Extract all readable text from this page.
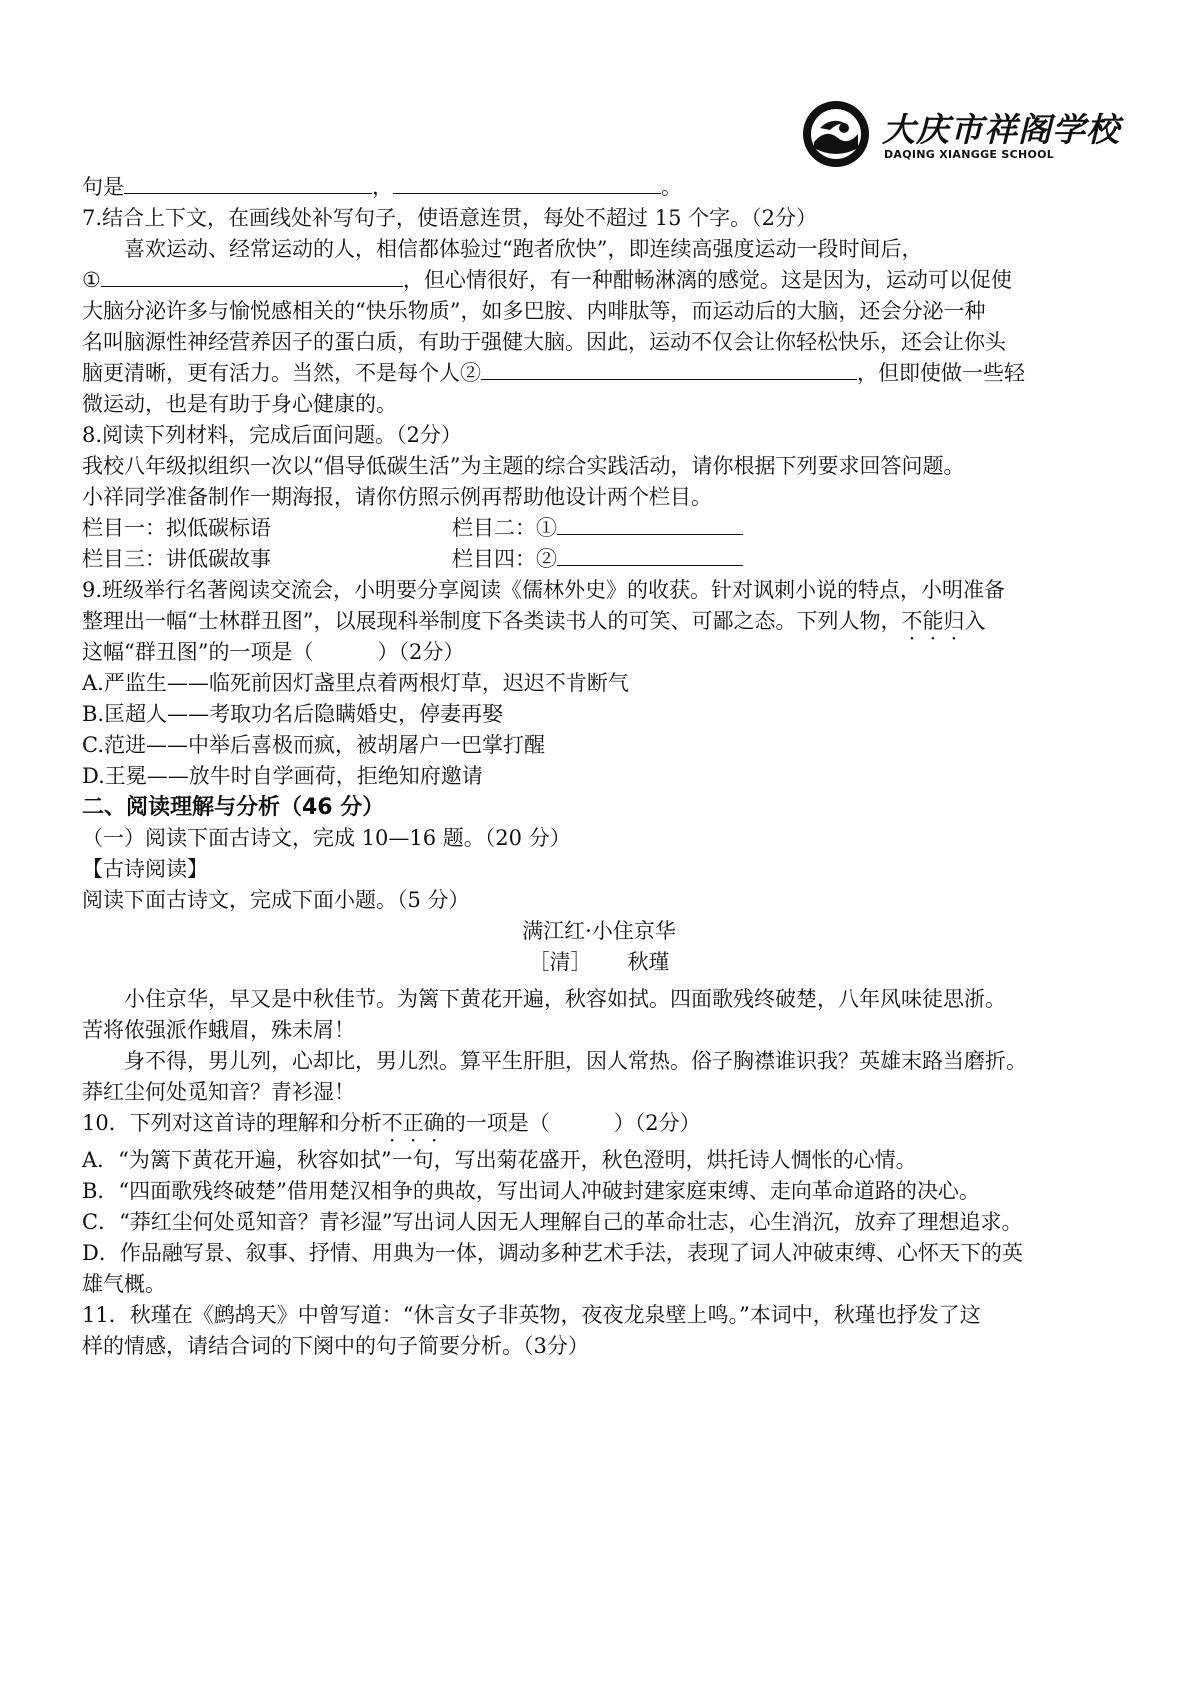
大庆市祥阁学校
DAQING XIANGGE SCHOOL
句是	，	。
7.结合上下文，在画线处补写句子，使语意连贯，每处不超过 15 个字。（2分）
喜欢运动、经常运动的人，相信都体验过“跑者欣快”，即连续高强度运动一段时间后，
①	，但心情很好，有一种酣畅淋漓的感觉。这是因为，运动可以促使
大脑分泌许多与愉悦感相关的“快乐物质”，如多巴胺、内啡肽等，而运动后的大脑，还会分泌一种
名叫脑源性神经营养因子的蛋白质，有助于强健大脑。因此，运动不仅会让你轻松快乐，还会让你头
脑更清晰，更有活力。当然，不是每个人②	，但即使做一些轻
微运动，也是有助于身心健康的。
8.阅读下列材料，完成后面问题。（2分）
我校八年级拟组织一次以“倡导低碳生活”为主题的综合实践活动，请你根据下列要求回答问题。
小祥同学准备制作一期海报，请你仿照示例再帮助他设计两个栏目。
栏目一：拟低碳标语	栏目二：①
栏目三：讲低碳故事	栏目四：②
9.班级举行名著阅读交流会，小明要分享阅读《儒林外史》的收获。针对讽刺小说的特点，小明准备
整理出一幅“士林群丑图”，以展现科举制度下各类读书人的可笑、可鄙之态。下列人物，不能归入
这幅“群丑图”的一项是（	）（2分）
A.严监生——临死前因灯盏里点着两根灯草，迟迟不肯断气
B.匡超人——考取功名后隐瞒婚史，停妻再娶
C.范进——中举后喜极而疯，被胡屠户一巴掌打醒
D.王冕——放牛时自学画荷，拒绝知府邀请
二、阅读理解与分析（46 分）
（一）阅读下面古诗文，完成 10—16 题。（20 分）
【古诗阅读】
阅读下面古诗文，完成下面小题。（5 分）
满江红·小住京华
［清］ 秋瑾
小住京华，早又是中秋佳节。为篱下黄花开遍，秋容如拭。四面歌残终破楚，八年风味徒思浙。
苦将侬强派作蛾眉，殊未屑！
身不得，男儿列，心却比，男儿烈。算平生肝胆，因人常热。俗子胸襟谁识我？英雄末路当磨折。
莽红尘何处觅知音？青衫湿！
10．下列对这首诗的理解和分析不正确的一项是（	）（2分）
A．“为篱下黄花开遍，秋容如拭”一句，写出菊花盛开，秋色澄明，烘托诗人惆怅的心情。
B．“四面歌残终破楚”借用楚汉相争的典故，写出词人冲破封建家庭束缚、走向革命道路的决心。
C．“莽红尘何处觅知音？青衫湿”写出词人因无人理解自己的革命壮志，心生消沉，放弃了理想追求。
D．作品融写景、叙事、抒情、用典为一体，调动多种艺术手法，表现了词人冲破束缚、心怀天下的英
雄气概。
11．秋瑾在《鹧鸪天》中曾写道：“休言女子非英物，夜夜龙泉壁上鸣。”本词中，秋瑾也抒发了这
样的情感，请结合词的下阕中的句子简要分析。（3分）
